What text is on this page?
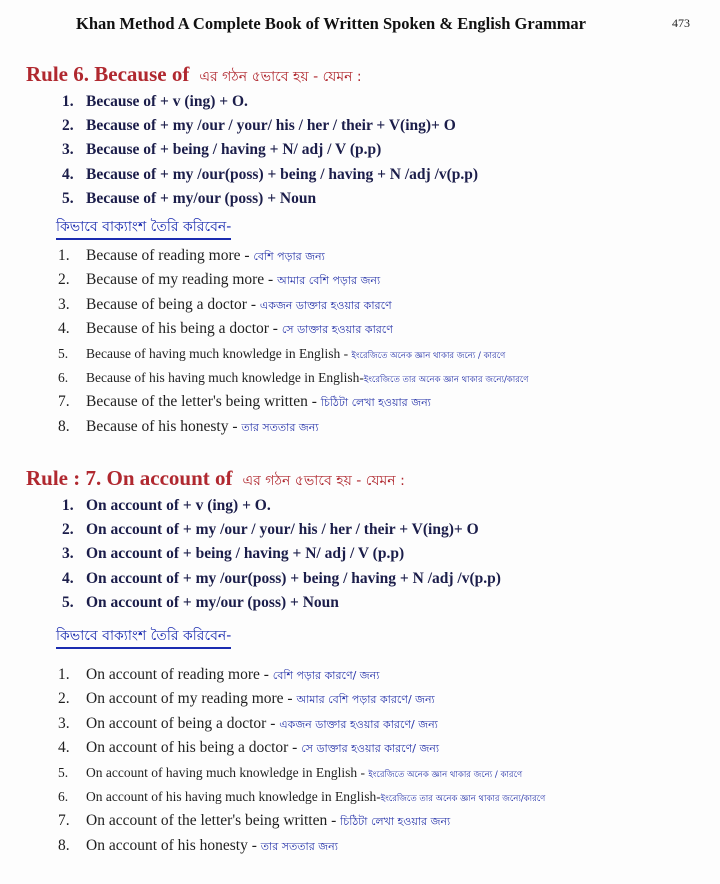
Khan Method A Complete Book of Written Spoken & English Grammar	473
Rule 6. Because of এর গঠন ৫ভাবে হয় - যেমন :
1. Because of + v (ing) + O.
2. Because of + my /our / your/ his / her / their + V(ing)+ O
3. Because of + being / having + N/ adj / V (p.p)
4. Because of + my /our(poss) + being / having + N /adj /v(p.p)
5. Because of + my/our (poss) + Noun
কিভাবে বাক্যাংশ তৈরি করিবেন-
1. Because of reading more - বেশি পড়ার জন্য
2. Because of my reading more - আমার বেশি পড়ার জন্য
3. Because of being a doctor - একজন ডাক্তার হওয়ার কারণে
4. Because of his being a doctor - সে ডাক্তার হওয়ার কারণে
5. Because of having much knowledge in English - ইংরেজিতে অনেক জ্ঞান থাকার জন্যে / কারণে
6. Because of his having much knowledge in English-ইংরেজিতে তার অনেক জ্ঞান থাকার জন্যে/কারণে
7. Because of the letter's being written - চিঠিটা লেখা হওয়ার জন্য
8. Because of his honesty - তার সততার জন্য
Rule : 7. On account of এর গঠন ৫ভাবে হয় - যেমন :
1. On account of + v (ing) + O.
2. On account of + my /our / your/ his / her / their + V(ing)+ O
3. On account of + being / having + N/ adj / V (p.p)
4. On account of + my /our(poss) + being / having + N /adj /v(p.p)
5. On account of + my/our (poss) + Noun
কিভাবে বাক্যাংশ তৈরি করিবেন-
1. On account of reading more - বেশি পড়ার কারণে/ জন্য
2. On account of my reading more - আমার বেশি পড়ার কারণে/ জন্য
3. On account of being a doctor - একজন ডাক্তার হওয়ার কারণে/ জন্য
4. On account of his being a doctor - সে ডাক্তার হওয়ার কারণে/ জন্য
5. On account of having much knowledge in English - ইংরেজিতে অনেক জ্ঞান থাকার জন্যে / কারণে
6. On account of his having much knowledge in English-ইংরেজিতে তার অনেক জ্ঞান থাকার জন্যে/কারণে
7. On account of the letter's being written - চিঠিটা লেখা হওয়ার জন্য
8. On account of his honesty - তার সততার জন্য
